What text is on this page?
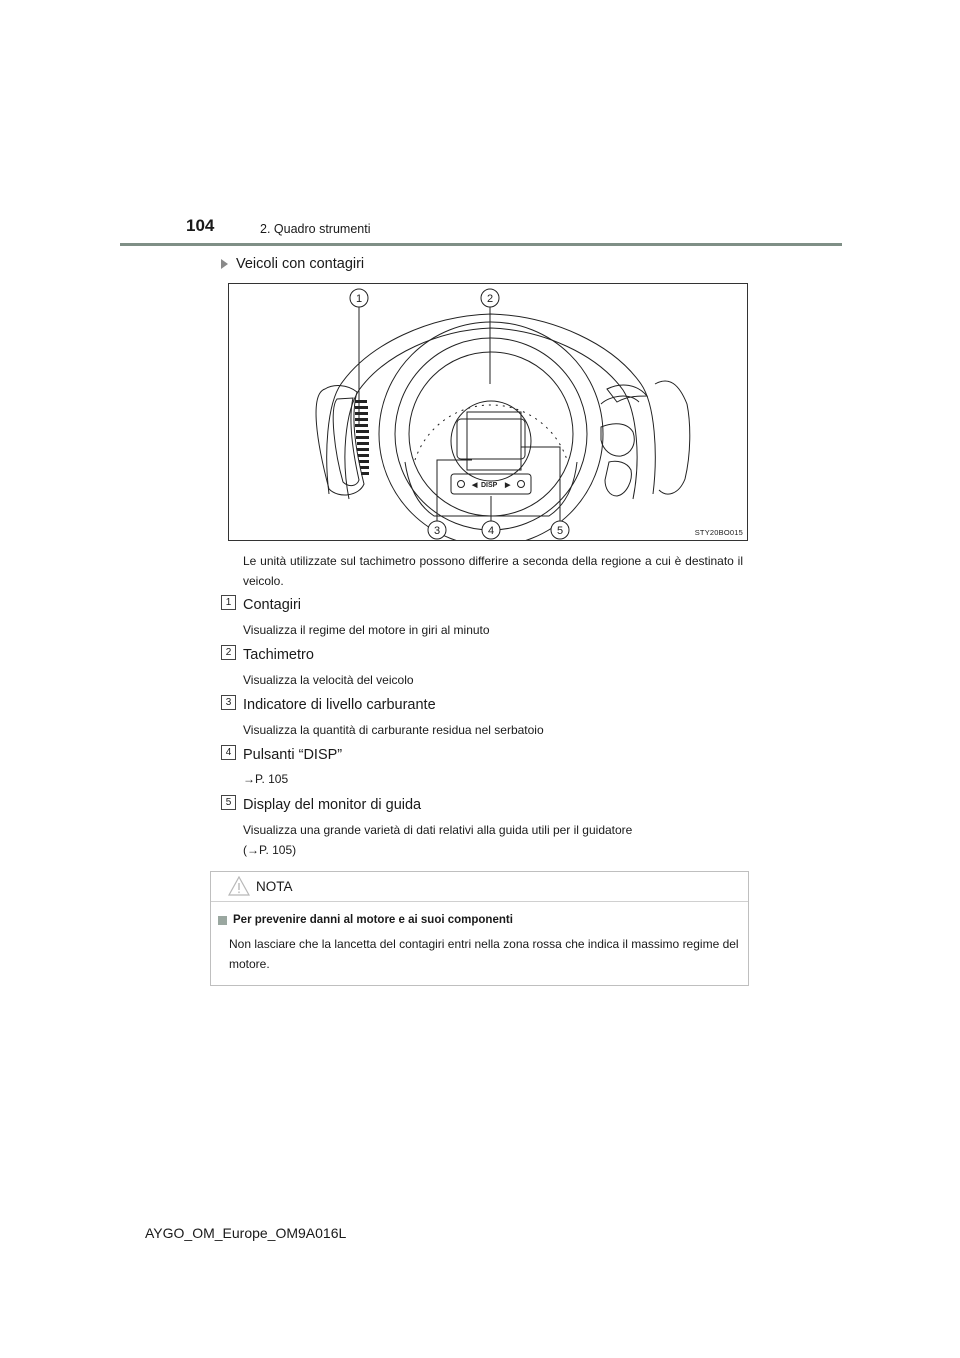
104	2. Quadro strumenti
Veicoli con contagiri
◀ DISP ▶
1	2
3	4	5	STY20BO015
Le unità utilizzate sul tachimetro possono differire a seconda della regione a cui è destinato il veicolo.
1 Contagiri
Visualizza il regime del motore in giri al minuto
2 Tachimetro
Visualizza la velocità del veicolo
3 Indicatore di livello carburante
Visualizza la quantità di carburante residua nel serbatoio
4 Pulsanti “DISP”
→P. 105
5 Display del monitor di guida
Visualizza una grande varietà di dati relativi alla guida utili per il guidatore
(→P. 105)
NOTA
Per prevenire danni al motore e ai suoi componenti
Non lasciare che la lancetta del contagiri entri nella zona rossa che indica il massimo regime del motore.
AYGO_OM_Europe_OM9A016L
